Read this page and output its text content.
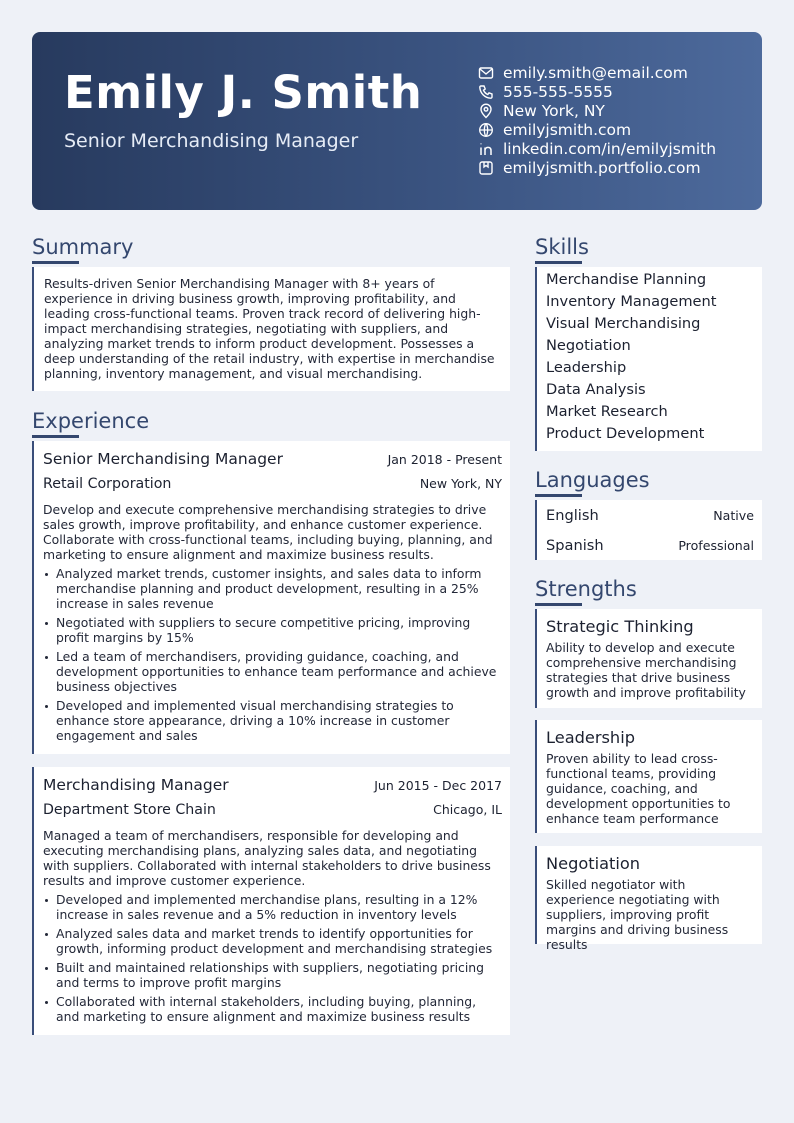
Emily J. Smith
Senior Merchandising Manager
emily.smith@email.com
555-555-5555
New York, NY
emilyjsmith.com
linkedin.com/in/emilyjsmith
emilyjsmith.portfolio.com
Summary
Results-driven Senior Merchandising Manager with 8+ years of experience in driving business growth, improving profitability, and leading cross-functional teams. Proven track record of delivering high-impact merchandising strategies, negotiating with suppliers, and analyzing market trends to inform product development. Possesses a deep understanding of the retail industry, with expertise in merchandise planning, inventory management, and visual merchandising.
Experience
Senior Merchandising Manager	Jan 2018 - Present
Retail Corporation	New York, NY
Develop and execute comprehensive merchandising strategies to drive sales growth, improve profitability, and enhance customer experience. Collaborate with cross-functional teams, including buying, planning, and marketing to ensure alignment and maximize business results.
Analyzed market trends, customer insights, and sales data to inform merchandise planning and product development, resulting in a 25% increase in sales revenue
Negotiated with suppliers to secure competitive pricing, improving profit margins by 15%
Led a team of merchandisers, providing guidance, coaching, and development opportunities to enhance team performance and achieve business objectives
Developed and implemented visual merchandising strategies to enhance store appearance, driving a 10% increase in customer engagement and sales
Merchandising Manager	Jun 2015 - Dec 2017
Department Store Chain	Chicago, IL
Managed a team of merchandisers, responsible for developing and executing merchandising plans, analyzing sales data, and negotiating with suppliers. Collaborated with internal stakeholders to drive business results and improve customer experience.
Developed and implemented merchandise plans, resulting in a 12% increase in sales revenue and a 5% reduction in inventory levels
Analyzed sales data and market trends to identify opportunities for growth, informing product development and merchandising strategies
Built and maintained relationships with suppliers, negotiating pricing and terms to improve profit margins
Collaborated with internal stakeholders, including buying, planning, and marketing to ensure alignment and maximize business results
Skills
Merchandise Planning
Inventory Management
Visual Merchandising
Negotiation
Leadership
Data Analysis
Market Research
Product Development
Languages
English	Native
Spanish	Professional
Strengths
Strategic Thinking
Ability to develop and execute comprehensive merchandising strategies that drive business growth and improve profitability
Leadership
Proven ability to lead cross-functional teams, providing guidance, coaching, and development opportunities to enhance team performance
Negotiation
Skilled negotiator with experience negotiating with suppliers, improving profit margins and driving business results
